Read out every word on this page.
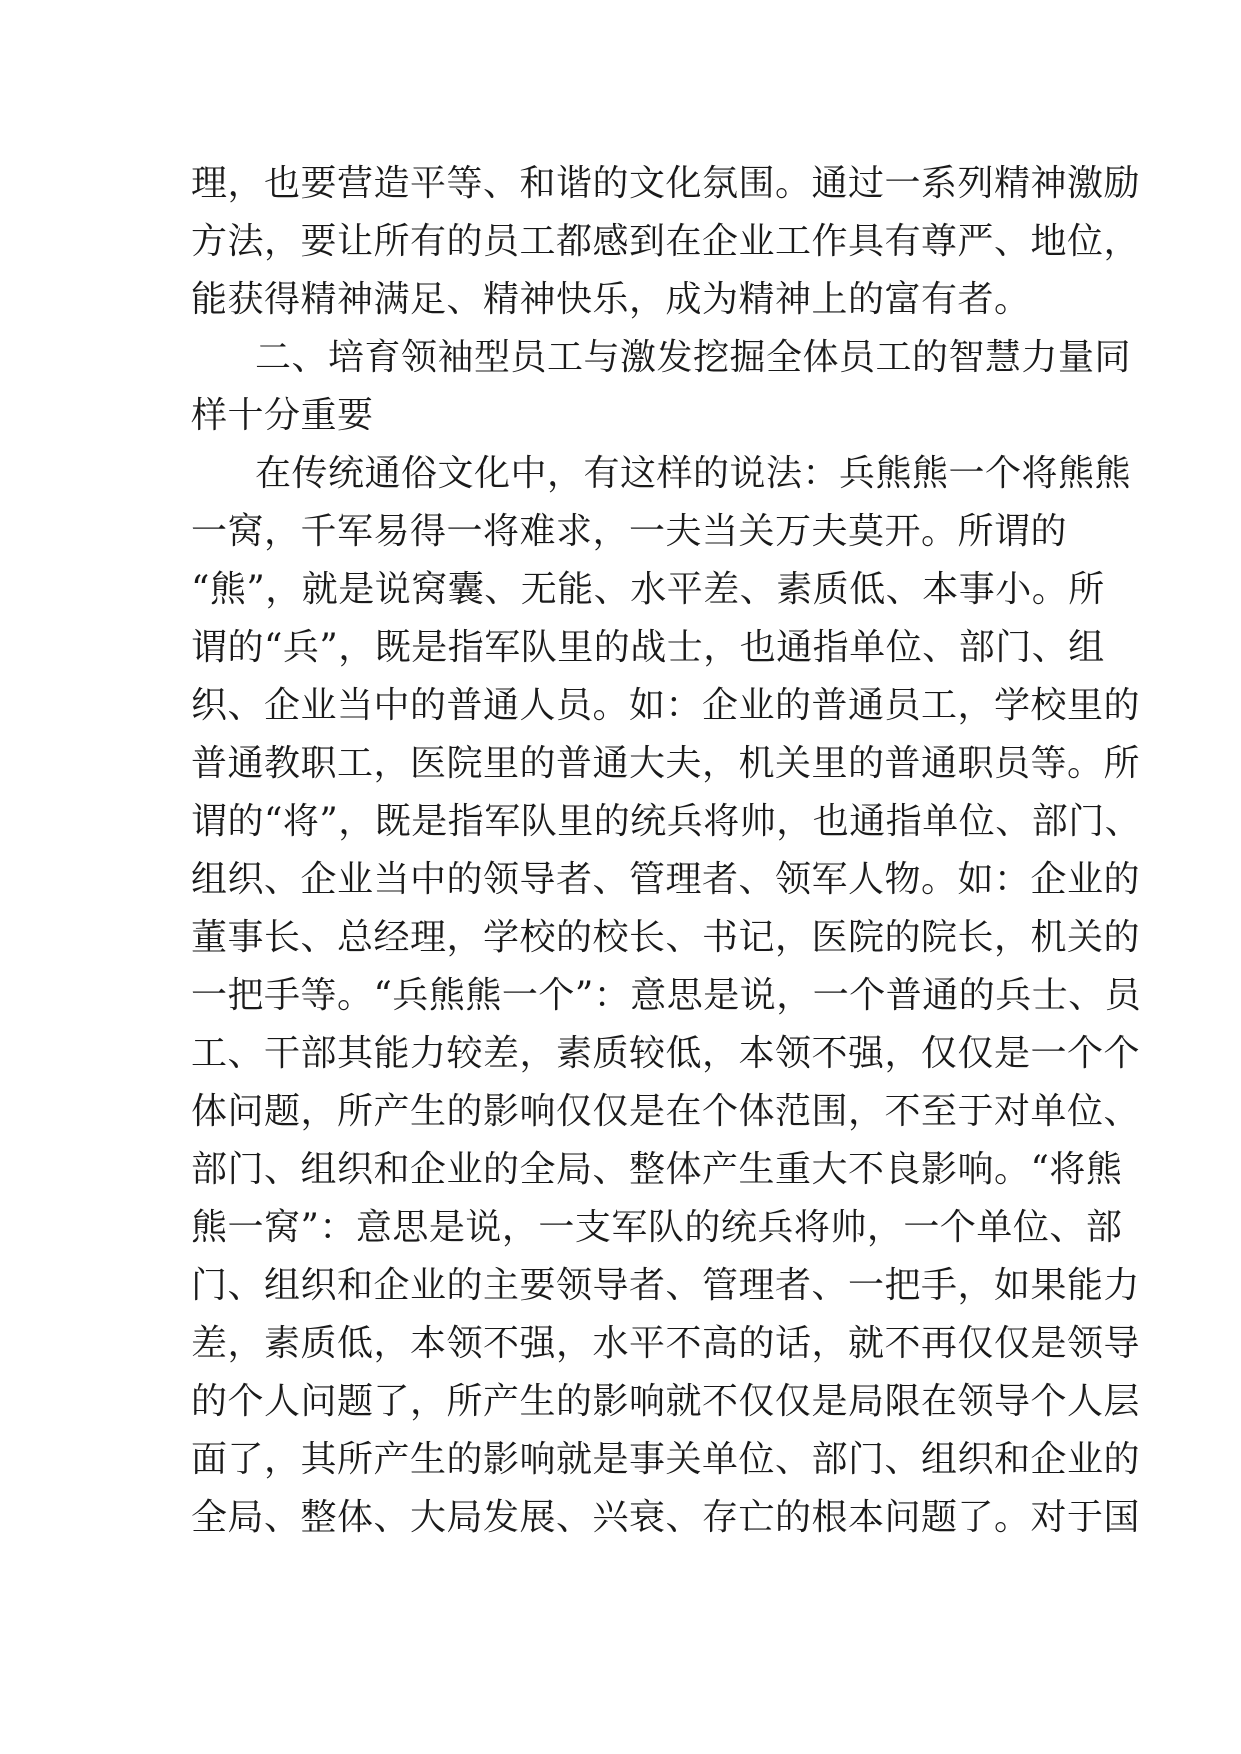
理，也要营造平等、和谐的文化氛围。通过一系列精神激励
方法，要让所有的员工都感到在企业工作具有尊严、地位，
能获得精神满足、精神快乐，成为精神上的富有者。
二、培育领袖型员工与激发挖掘全体员工的智慧力量同
样十分重要
在传统通俗文化中，有这样的说法：兵熊熊一个将熊熊
一窝，千军易得一将难求，一夫当关万夫莫开。所谓的
“熊”，就是说窝囊、无能、水平差、素质低、本事小。所
谓的“兵”，既是指军队里的战士，也通指单位、部门、组
织、企业当中的普通人员。如：企业的普通员工，学校里的
普通教职工，医院里的普通大夫，机关里的普通职员等。所
谓的“将”，既是指军队里的统兵将帅，也通指单位、部门、
组织、企业当中的领导者、管理者、领军人物。如：企业的
董事长、总经理，学校的校长、书记，医院的院长，机关的
一把手等。“兵熊熊一个”：意思是说，一个普通的兵士、员
工、干部其能力较差，素质较低，本领不强，仅仅是一个个
体问题，所产生的影响仅仅是在个体范围，不至于对单位、
部门、组织和企业的全局、整体产生重大不良影响。“将熊
熊一窝”：意思是说，一支军队的统兵将帅，一个单位、部
门、组织和企业的主要领导者、管理者、一把手，如果能力
差，素质低，本领不强，水平不高的话，就不再仅仅是领导
的个人问题了，所产生的影响就不仅仅是局限在领导个人层
面了，其所产生的影响就是事关单位、部门、组织和企业的
全局、整体、大局发展、兴衰、存亡的根本问题了。对于国
